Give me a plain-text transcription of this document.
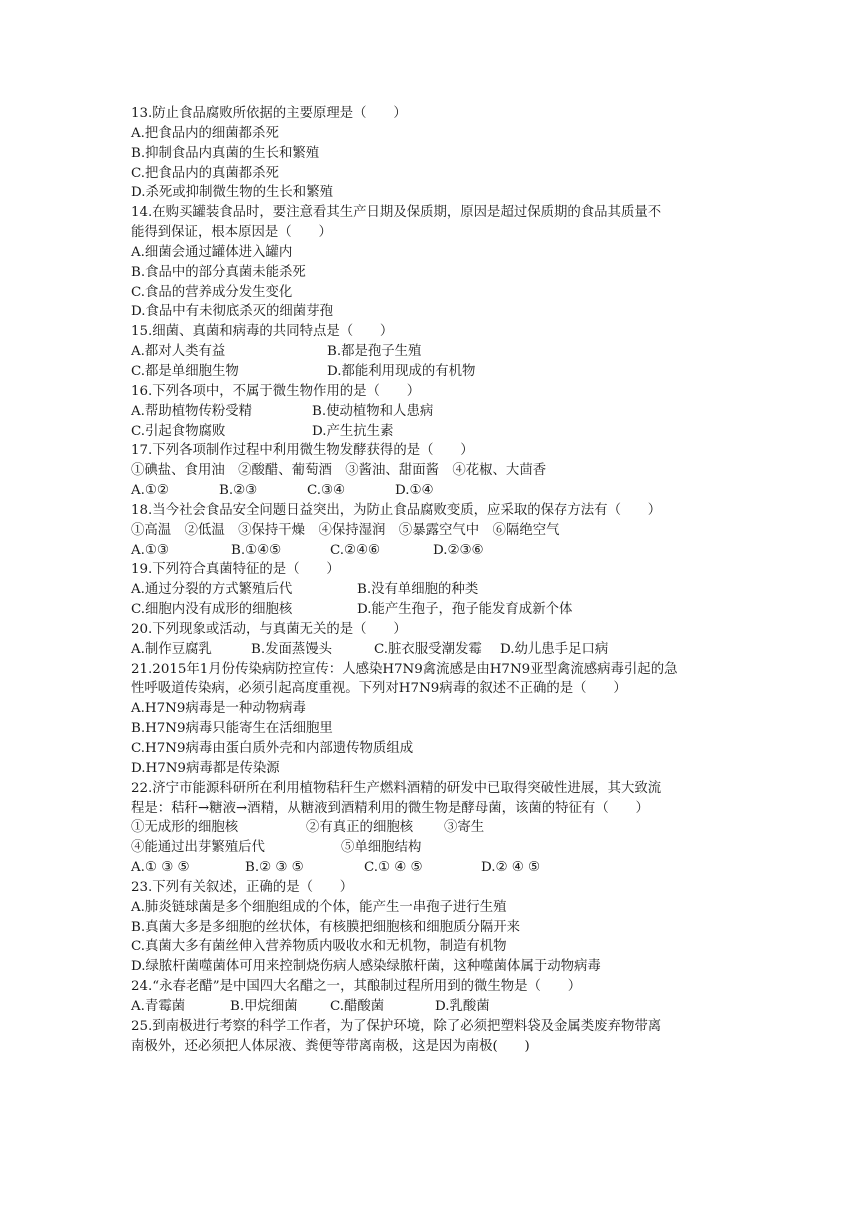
13.防止食品腐败所依据的主要原理是（　　）
A.把食品内的细菌都杀死
B.抑制食品内真菌的生长和繁殖
C.把食品内的真菌都杀死
D.杀死或抑制微生物的生长和繁殖
14.在购买罐装食品时，要注意看其生产日期及保质期，原因是超过保质期的食品其质量不
能得到保证，根本原因是（　　）
A.细菌会通过罐体进入罐内
B.食品中的部分真菌未能杀死
C.食品的营养成分发生变化
D.食品中有未彻底杀灭的细菌芽孢
15.细菌、真菌和病毒的共同特点是（　　）
A.都对人类有益	B.都是孢子生殖
C.都是单细胞生物	D.都能利用现成的有机物
16.下列各项中，不属于微生物作用的是（　　）
A.帮助植物传粉受精	B.使动植物和人患病
C.引起食物腐败	D.产生抗生素
17.下列各项制作过程中利用微生物发酵获得的是（　　）
①碘盐、食用油　②酸醋、葡萄酒　③酱油、甜面酱　④花椒、大茴香
A.①②	B.②③	C.③④	D.①④
18.当今社会食品安全问题日益突出，为防止食品腐败变质，应采取的保存方法有（　　）
①高温　②低温　③保持干燥　④保持湿润　⑤暴露空气中　⑥隔绝空气
A.①③	B.①④⑤	C.②④⑥	D.②③⑥
19.下列符合真菌特征的是（　　）
A.通过分裂的方式繁殖后代	B.没有单细胞的种类
C.细胞内没有成形的细胞核	D.能产生孢子，孢子能发育成新个体
20.下列现象或活动，与真菌无关的是（　　）
A.制作豆腐乳	B.发面蒸馒头	C.脏衣服受潮发霉	D.幼儿患手足口病
21.2015年1月份传染病防控宣传：人感染H7N9禽流感是由H7N9亚型禽流感病毒引起的急
性呼吸道传染病，必须引起高度重视。下列对H7N9病毒的叙述不正确的是（　　）
A.H7N9病毒是一种动物病毒
B.H7N9病毒只能寄生在活细胞里
C.H7N9病毒由蛋白质外壳和内部遗传物质组成
D.H7N9病毒都是传染源
22.济宁市能源科研所在利用植物秸秆生产燃料酒精的研发中已取得突破性进展，其大致流
程是：秸秆→糖液→酒精，从糖液到酒精利用的微生物是酵母菌，该菌的特征有（　　）
①无成形的细胞核	②有真正的细胞核	③寄生
④能通过出芽繁殖后代	⑤单细胞结构
A.① ③ ⑤	B.② ③ ⑤	C.① ④ ⑤	D.② ④ ⑤
23.下列有关叙述，正确的是（　　）
A.肺炎链球菌是多个细胞组成的个体，能产生一串孢子进行生殖
B.真菌大多是多细胞的丝状体，有核膜把细胞核和细胞质分隔开来
C.真菌大多有菌丝伸入营养物质内吸收水和无机物，制造有机物
D.绿脓杆菌噬菌体可用来控制烧伤病人感染绿脓杆菌，这种噬菌体属于动物病毒
24.“永春老醋”是中国四大名醋之一，其酿制过程所用到的微生物是（　　）
A.青霉菌	B.甲烷细菌	C.醋酸菌	D.乳酸菌
25.到南极进行考察的科学工作者，为了保护环境，除了必须把塑料袋及金属类废弃物带离
南极外，还必须把人体尿液、粪便等带离南极，这是因为南极(　　)
